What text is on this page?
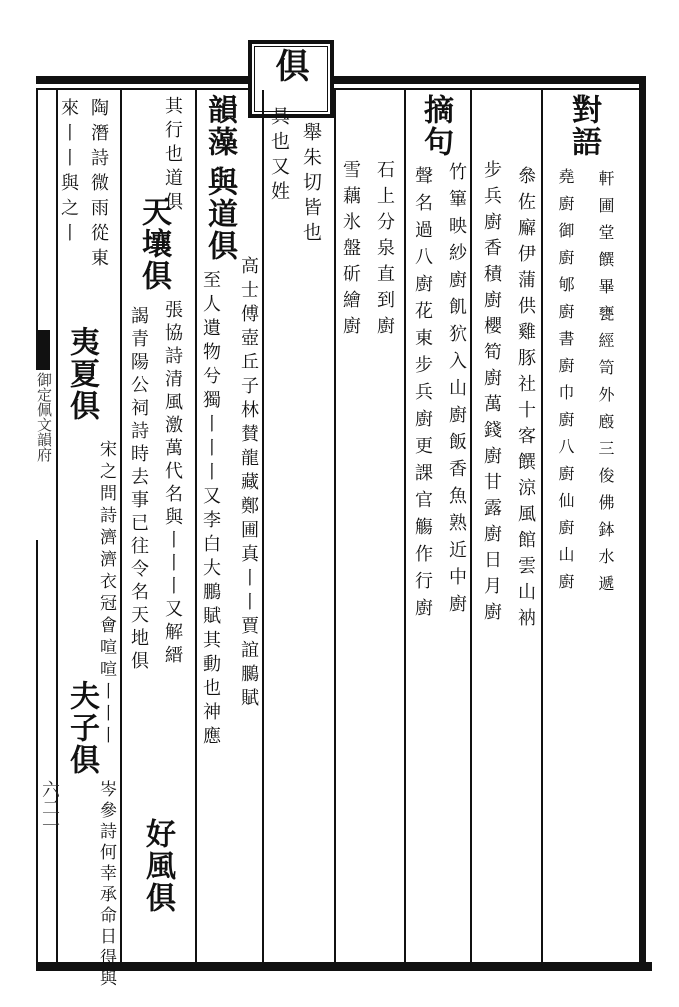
俱
御定佩文韻府
六二一
對語
軒圃堂饌畢甕經笥外廏三俊佛鉢水遞
堯廚御廚郇廚書廚巾廚八廚仙廚山廚
叅佐廨伊蒲供雞豚社十客饌涼風館雲山衲
步兵廚香積廚櫻筍廚萬錢廚甘露廚日月廚
摘句
竹篳映紗廚飢狖入山廚飯香魚熟近中廚
聲名過八廚花東步兵廚更課官觴作行廚
石上分泉直到廚
雪藕氷盤斫繪廚
舉朱切皆也
具也又姓
韻藻
與道俱
高士傅壺丘子林賛龍藏鄭圃真丨丨賈誼鵩賦
至人遺物兮獨丨丨丨又李白大鵬賦其動也神應
其行也道俱
天壤俱
張協詩清風激萬代名與丨丨丨又解縉
謁青陽公祠詩時去事已往令名天地俱
好風俱
陶潛詩微雨從東
來丨丨與之丨
夷夏俱
宋之問詩濟濟衣冠會喧喧丨丨丨
夫子俱
岑參詩何幸承命日得與
